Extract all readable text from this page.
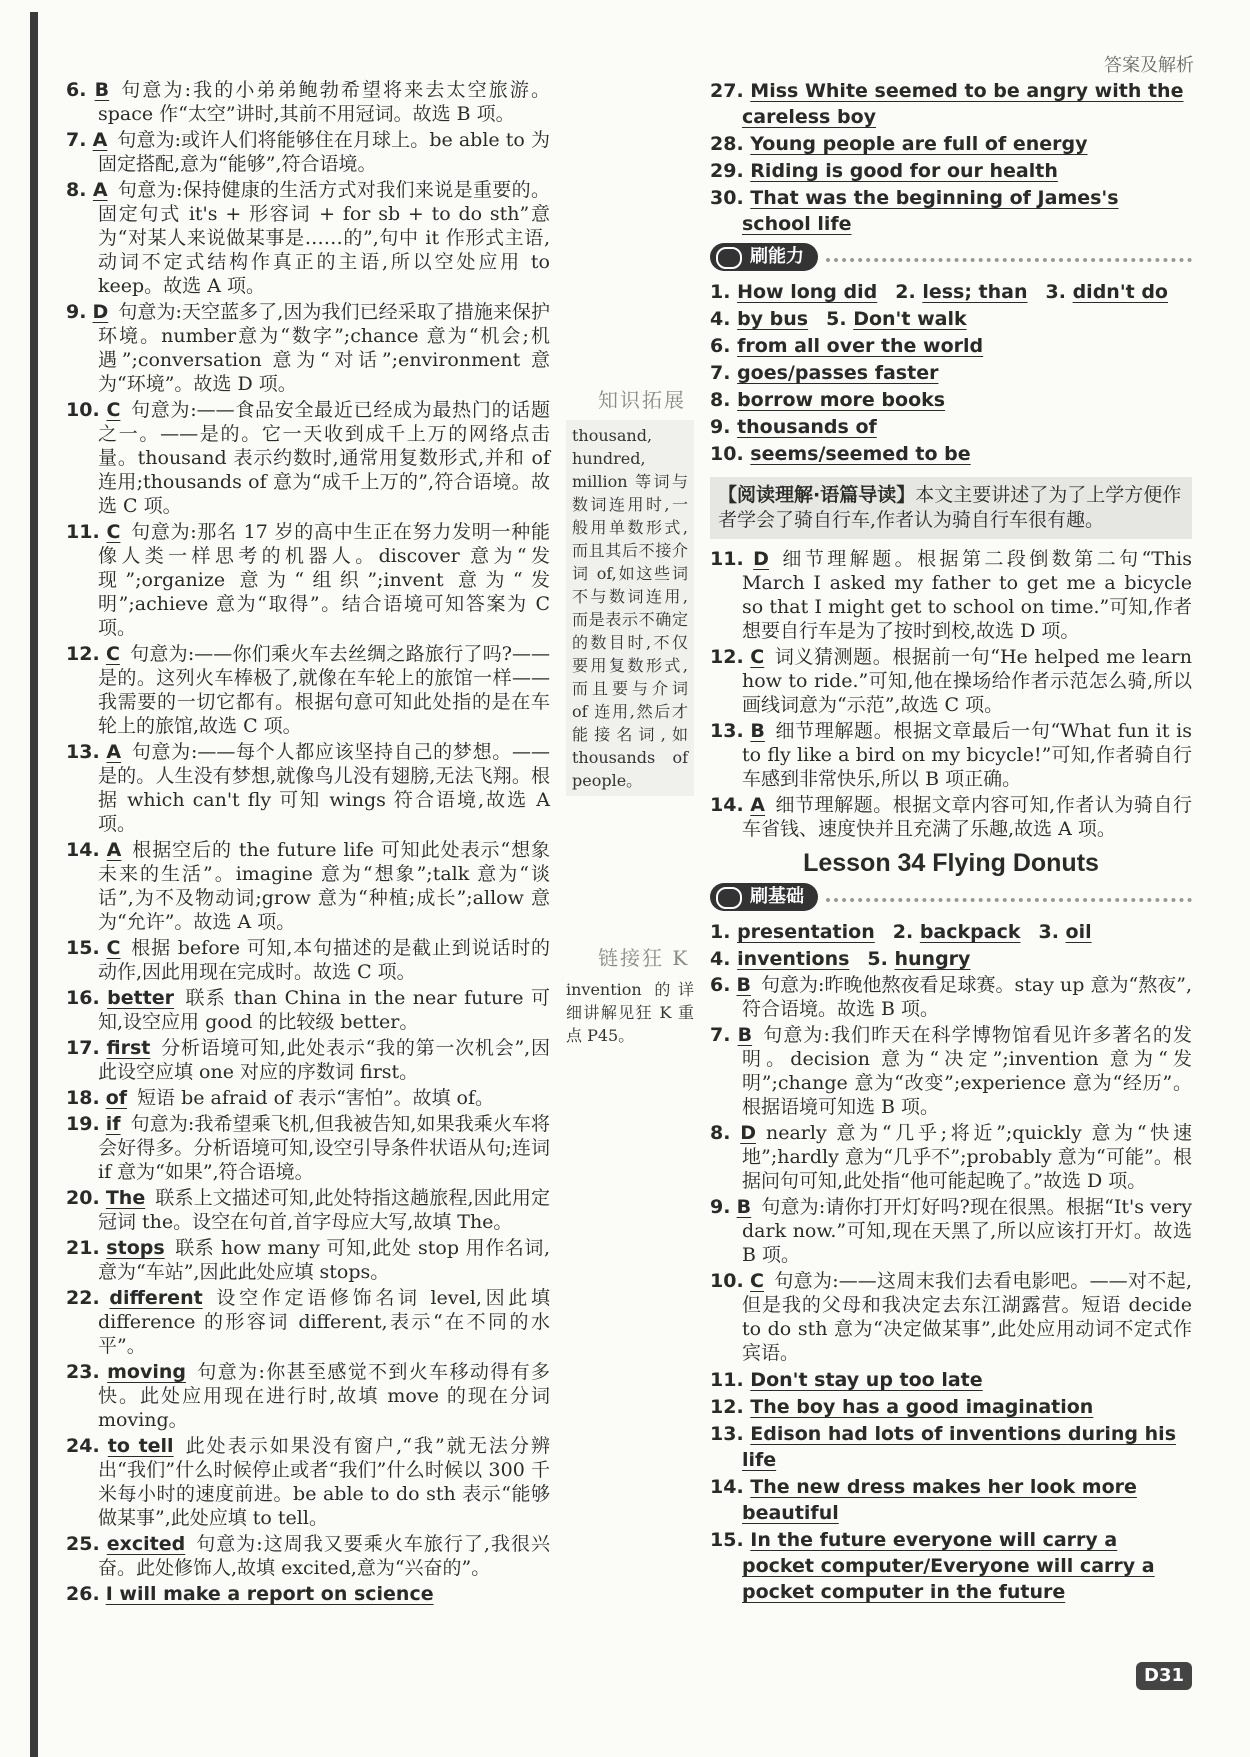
答案及解析
6. B 句意为:我的小弟弟鲍勃希望将来去太空旅游。space 作“太空”讲时,其前不用冠词。故选 B 项。
7. A 句意为:或许人们将能够住在月球上。be able to 为固定搭配,意为“能够”,符合语境。
8. A 句意为:保持健康的生活方式对我们来说是重要的。固定句式 it's + 形容词 + for sb + to do sth”意为“对某人来说做某事是……的”,句中 it 作形式主语,动词不定式结构作真正的主语,所以空处应用 to keep。故选 A 项。
9. D 句意为:天空蓝多了,因为我们已经采取了措施来保护环境。number意为“数字”;chance 意为“机会;机遇”;conversation 意为“对话”;environment 意为“环境”。故选 D 项。
10. C 句意为:——食品安全最近已经成为最热门的话题之一。——是的。它一天收到成千上万的网络点击量。thousand 表示约数时,通常用复数形式,并和 of 连用;thousands of 意为“成千上万的”,符合语境。故选 C 项。
11. C 句意为:那名 17 岁的高中生正在努力发明一种能像人类一样思考的机器人。discover 意为“发现”;organize 意为“组织”;invent 意为“发明”;achieve 意为“取得”。结合语境可知答案为 C 项。
12. C 句意为:——你们乘火车去丝绸之路旅行了吗?——是的。这列火车棒极了,就像在车轮上的旅馆一样——我需要的一切它都有。根据句意可知此处指的是在车轮上的旅馆,故选 C 项。
13. A 句意为:——每个人都应该坚持自己的梦想。——是的。人生没有梦想,就像鸟儿没有翅膀,无法飞翔。根据 which can't fly 可知 wings 符合语境,故选 A 项。
14. A 根据空后的 the future life 可知此处表示“想象未来的生活”。imagine 意为“想象”;talk 意为“谈话”,为不及物动词;grow 意为“种植;成长”;allow 意为“允许”。故选 A 项。
15. C 根据 before 可知,本句描述的是截止到说话时的动作,因此用现在完成时。故选 C 项。
16. better 联系 than China in the near future 可知,设空应用 good 的比较级 better。
17. first 分析语境可知,此处表示“我的第一次机会”,因此设空应填 one 对应的序数词 first。
18. of 短语 be afraid of 表示“害怕”。故填 of。
19. if 句意为:我希望乘飞机,但我被告知,如果我乘火车将会好得多。分析语境可知,设空引导条件状语从句;连词 if 意为“如果”,符合语境。
20. The 联系上文描述可知,此处特指这趟旅程,因此用定冠词 the。设空在句首,首字母应大写,故填 The。
21. stops 联系 how many 可知,此处 stop 用作名词,意为“车站”,因此此处应填 stops。
22. different 设空作定语修饰名词 level,因此填 difference 的形容词 different,表示“在不同的水平”。
23. moving 句意为:你甚至感觉不到火车移动得有多快。此处应用现在进行时,故填 move 的现在分词 moving。
24. to tell 此处表示如果没有窗户,“我”就无法分辨出“我们”什么时候停止或者“我们”什么时候以 300 千米每小时的速度前进。be able to do sth 表示“能够做某事”,此处应填 to tell。
25. excited 句意为:这周我又要乘火车旅行了,我很兴奋。此处修饰人,故填 excited,意为“兴奋的”。
26. I will make a report on science
知识拓展
thousand, hundred, million 等词与数词连用时,一般用单数形式,而且其后不接介词 of,如这些词不与数词连用,而是表示不确定的数目时,不仅要用复数形式,而且要与介词 of 连用,然后才能接名词,如 thousands of people。
链接狂 K
invention 的详细讲解见狂 K 重点 P45。
27. Miss White seemed to be angry with the careless boy
28. Young people are full of energy
29. Riding is good for our health
30. That was the beginning of James's school life
刷能力
1. How long did 2. less; than 3. didn't do
4. by bus 5. Don't walk
6. from all over the world
7. goes/passes faster
8. borrow more books
9. thousands of
10. seems/seemed to be
【阅读理解·语篇导读】本文主要讲述了为了上学方便作者学会了骑自行车,作者认为骑自行车很有趣。
11. D 细节理解题。根据第二段倒数第二句“This March I asked my father to get me a bicycle so that I might get to school on time.”可知,作者想要自行车是为了按时到校,故选 D 项。
12. C 词义猜测题。根据前一句“He helped me learn how to ride.”可知,他在操场给作者示范怎么骑,所以画线词意为“示范”,故选 C 项。
13. B 细节理解题。根据文章最后一句“What fun it is to fly like a bird on my bicycle!”可知,作者骑自行车感到非常快乐,所以 B 项正确。
14. A 细节理解题。根据文章内容可知,作者认为骑自行车省钱、速度快并且充满了乐趣,故选 A 项。
Lesson 34 Flying Donuts
刷基础
1. presentation 2. backpack 3. oil
4. inventions 5. hungry
6. B 句意为:昨晚他熬夜看足球赛。stay up 意为“熬夜”,符合语境。故选 B 项。
7. B 句意为:我们昨天在科学博物馆看见许多著名的发明。decision 意为“决定”;invention 意为“发明”;change 意为“改变”;experience 意为“经历”。根据语境可知选 B 项。
8. D nearly 意为“几乎;将近”;quickly 意为“快速地”;hardly 意为“几乎不”;probably 意为“可能”。根据问句可知,此处指“他可能起晚了。”故选 D 项。
9. B 句意为:请你打开灯好吗?现在很黑。根据“It's very dark now.”可知,现在天黑了,所以应该打开灯。故选 B 项。
10. C 句意为:——这周末我们去看电影吧。——对不起,但是我的父母和我决定去东江湖露营。短语 decide to do sth 意为“决定做某事”,此处应用动词不定式作宾语。
11. Don't stay up too late
12. The boy has a good imagination
13. Edison had lots of inventions during his life
14. The new dress makes her look more beautiful
15. In the future everyone will carry a pocket computer/Everyone will carry a pocket computer in the future
D31
